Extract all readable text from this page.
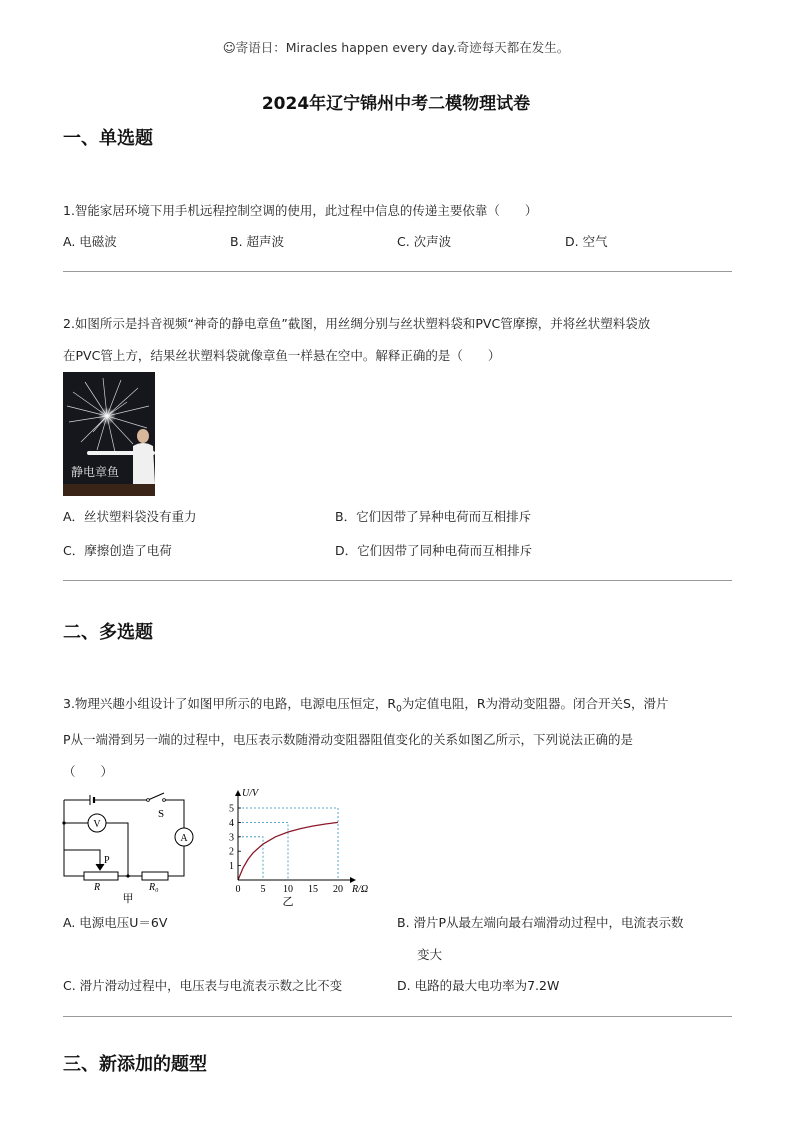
☺寄语日：Miracles happen every day.奇迹每天都在发生。
2024年辽宁锦州中考二模物理试卷
一、单选题
1.智能家居环境下用手机远程控制空调的使用，此过程中信息的传递主要依靠（　　）
A. 电磁波	B. 超声波	C. 次声波	D. 空气
2.如图所示是抖音视频“神奇的静电章鱼”截图，用丝绸分别与丝状塑料袋和PVC管摩擦，并将丝状塑料袋放
在PVC管上方，结果丝状塑料袋就像章鱼一样悬在空中。解释正确的是（　　）
静电章鱼
A．丝状塑料袋没有重力	B．它们因带了异种电荷而互相排斥
C．摩擦创造了电荷	D．它们因带了同种电荷而互相排斥
二、多选题
3.物理兴趣小组设计了如图甲所示的电路，电源电压恒定，$R_0$为定值电阻，R为滑动变阻器。闭合开关S，滑片
P从一端滑到另一端的过程中，电压表示数随滑动变阻器阻值变化的关系如图乙所示，下列说法正确的是
（　　）
S
V
A
P
R	R₀
甲
0 5 10 15 20
1
2
3
4
5
U/V
R/Ω
乙
A. 电源电压U＝6V	B. 滑片P从最左端向最右端滑动过程中，电流表示数
变大
C. 滑片滑动过程中，电压表与电流表示数之比不变	D. 电路的最大电功率为7.2W
三、新添加的题型
